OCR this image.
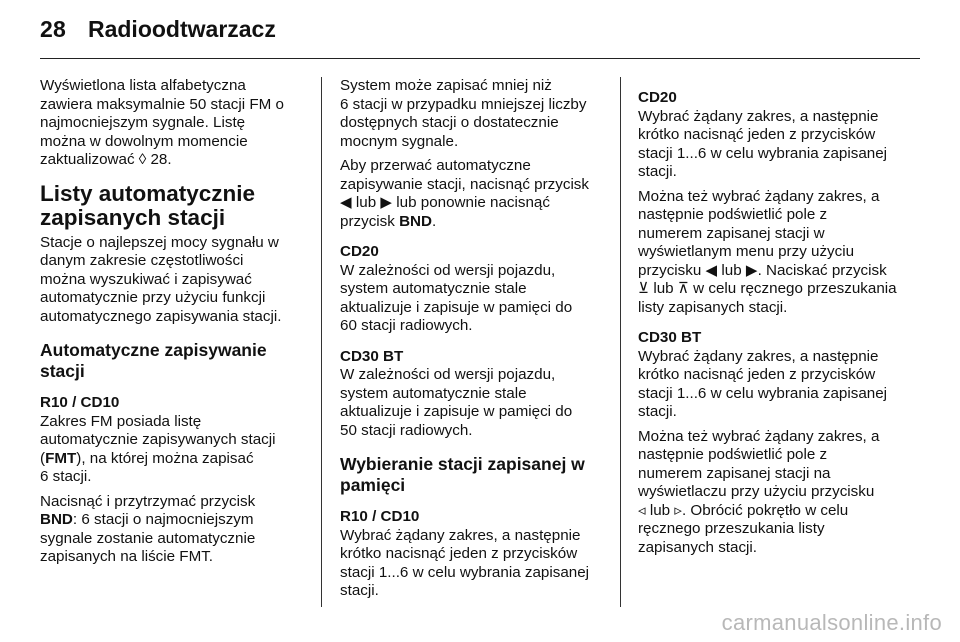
28 Radioodtwarzacz

Wyświetlona lista alfabetyczna
zawiera maksymalnie 50 stacji FM o
najmocniejszym sygnale. Listę
można w dowolnym momencie
zaktualizować ◊ 28.

Listy automatycznie
zapisanych stacji

Stacje o najlepszej mocy sygnału w
danym zakresie częstotliwości
można wyszukiwać i zapisywać
automatycznie przy użyciu funkcji
automatycznego zapisywania stacji.

Automatyczne zapisywanie
stacji
R10 / CD10

Zakres FM posiada listę
automatycznie zapisywanych stacji
(FMT), na której można zapisać
6 stacji.

Nacisnąć i przytrzymać przycisk
BND: 6 stacji o najmocniejszym
sygnale zostanie automatycznie
zapisanych na liście FMT.

System może zapisać mniej niż
6 stacji w przypadku mniejszej liczby
dostępnych stacji o dostatecznie
mocnym sygnale.

Aby przerwać automatyczne
zapisywanie stacji, nacisnąć przycisk
◀ lub ▶ lub ponownie nacisnąć
przycisk BND.

CD20

W zależności od wersji pojazdu,
system automatycznie stale
aktualizuje i zapisuje w pamięci do
60 stacji radiowych.

CD30 BT

W zależności od wersji pojazdu,
system automatycznie stale
aktualizuje i zapisuje w pamięci do
50 stacji radiowych.

Wybieranie stacji zapisanej w
pamięci
R10 / CD10

Wybrać żądany zakres, a następnie
krótko nacisnąć jeden z przycisków
stacji 1...6 w celu wybrania zapisanej
stacji.

CD20

Wybrać żądany zakres, a następnie
krótko nacisnąć jeden z przycisków
stacji 1...6 w celu wybrania zapisanej
stacji.

Można też wybrać żądany zakres, a
następnie podświetlić pole z
numerem zapisanej stacji w
wyświetlanym menu przy użyciu
przycisku ◀ lub ▶. Naciskać przycisk
⊻ lub ⊼ w celu ręcznego przeszukania
listy zapisanych stacji.

CD30 BT

Wybrać żądany zakres, a następnie
krótko nacisnąć jeden z przycisków
stacji 1...6 w celu wybrania zapisanej
stacji.

Można też wybrać żądany zakres, a
następnie podświetlić pole z
numerem zapisanej stacji na
wyświetlaczu przy użyciu przycisku
◃ lub ▹. Obrócić pokrętło w celu
ręcznego przeszukania listy
zapisanych stacji.

carmanualsonline.info
